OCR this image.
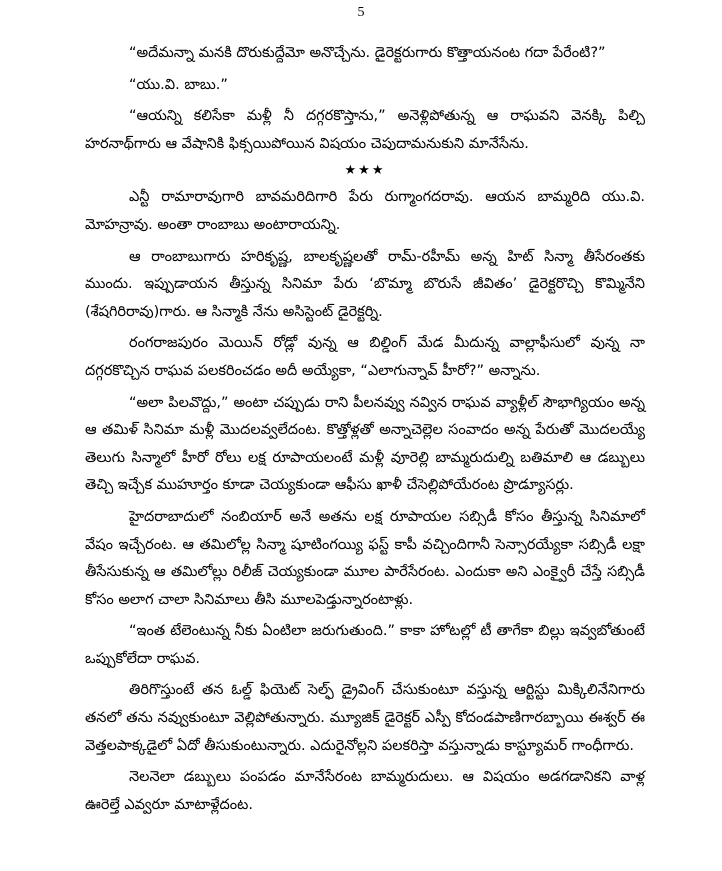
5

“అదేమన్నా మనకి దొరుకుద్దేమో అనొచ్చేను. డైరెక్టరుగారు కొత్తాయనంట గదా పేరేంటి?”

“యు.వి. బాబు.”

“ఆయన్ని కలిసేకా మళ్లీ నీ దగ్గరకొస్తాను,” అనెళ్లిపోతున్న ఆ రాఘవని వెనక్కి పిల్చి హరనాథ్‌గారు ఆ వేషానికి ఫిక్సయిపోయిన విషయం చెపుదామనుకుని మానేసేను.

★★★

ఎన్టీ రామారావుగారి బావమరిదిగారి పేరు రుగ్మాంగదరావు. ఆయన బామ్మరిది యు.వి. మోహన్రావు. అంతా రాంబాబు అంటారాయన్ని.

ఆ రాంబాబుగారు హరికృష్ణ, బాలకృష్ణలతో రామ్-రహీమ్ అన్న హిట్ సిన్మా తీసేరంతకు ముందు. ఇప్పుడాయన తీస్తున్న సినిమా పేరు ‘బొమ్మా బొరుసే జీవితం’ డైరెక్టరొచ్చి కొమ్మినేని (శేషగిరిరావు)గారు. ఆ సిన్మాకి నేను అసిస్టెంట్ డైరెక్టర్ని.

రంగరాజపురం మెయిన్ రోడ్లో వున్న ఆ బిల్డింగ్ మేడ మీదున్న వాల్లాఫీసులో వున్న నా దగ్గరకొచ్చిన రాఘవ పలకరించడం అదీ అయ్యేకా, “ఎలాగున్నావ్ హీరో?” అన్నాను.

“అలా పిలవొద్దు,” అంటా చప్పుడు రాని పీలనవ్వు నవ్విన రాఘవ వ్యాళ్లీల్ సౌభాగ్యియం అన్న ఆ తమిళ్ సినిమా మళ్లీ మొదలవ్వలేదంట. కొత్తోళ్లతో అన్నాచెల్లెల సంవాదం అన్న పేరుతో మొదలయ్యే తెలుగు సిన్మాలో హీరో రోలు లక్ష రూపాయలంటే మళ్లీ వూరెల్లి బామ్మరుదుల్ని బతిమాలి ఆ డబ్బులు తెచ్చి ఇచ్చేక ముహూర్తం కూడా చెయ్యకుండా ఆఫీసు ఖాళీ చేసెల్లిపోయేరంట ప్రొడ్యూసర్లు.

హైదరాబాదులో నంబియార్ అనే అతను లక్ష రూపాయల సబ్సిడీ కోసం తీస్తున్న సినిమాలో వేషం ఇచ్చేరంట. ఆ తమిలోల్ల సిన్మా షూటింగయ్యి ఫస్ట్ కాపీ వచ్చిందిగానీ సెన్సారయ్యేకా సబ్సిడీ లక్షా తీసేసుకున్న ఆ తమిలోల్లు రిలీజ్ చెయ్యకుండా మూల పారేసేరంట. ఎందుకా అని ఎంక్వైరీ చేస్తే సబ్సిడీ కోసం అలాగ చాలా సినిమాలు తీసి మూలపెడ్తున్నారంటాళ్లు.

“ఇంత టేలెంటున్న నీకు ఏంటిలా జరుగుతుంది.” కాకా హోటల్లో టీ తాగేకా బిల్లు ఇవ్వబోతుంటే ఒప్పుకోలేదా రాఘవ.

తిరిగొస్తుంటే తన ఓల్డ్ ఫియెట్ సెల్ఫ్ డ్రైవింగ్ చేసుకుంటూ వస్తున్న ఆర్టిస్టు మిక్కిలినేనిగారు తనలో తను నవ్వుకుంటూ వెల్లిపోతున్నారు. మ్యూజిక్ డైరెక్టర్ ఎస్పీ కోదండపాణిగారబ్బాయి ఈశ్వర్ ఈ వెత్తలపాక్కడైలో ఏదో తీసుకుంటున్నారు. ఎదురైనోల్లని పలకరిస్తా వస్తున్నాడు కాస్ట్యూమర్ గాంధీగారు.

నెలనెలా డబ్బులు పంపడం మానేసేరంట బామ్మరుదులు. ఆ విషయం అడగడానికని వాళ్ల ఊరెల్తే ఎవ్వరూ మాటాళ్లేదంట.
